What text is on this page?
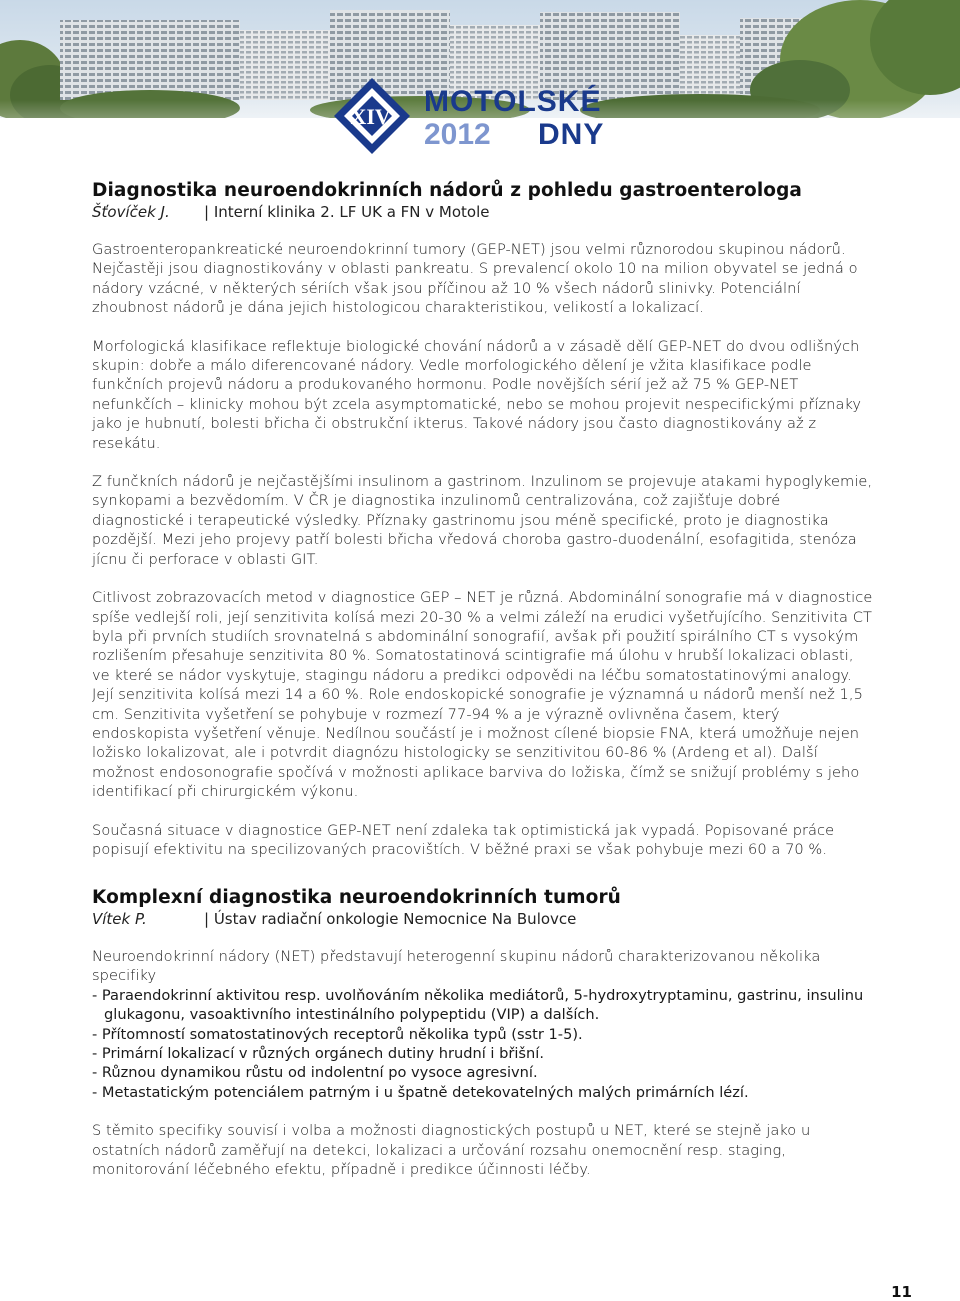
XIV. MOTOLSKÉ
2012 DNY
Diagnostika neuroendokrinních nádorů z pohledu gastroenterologa

Šťovíček J. | Interní klinika 2. LF UK a FN v Motole

Gastroenteropankreatické neuroendokrinní tumory (GEP-NET) jsou velmi různorodou skupinou nádorů. Nejčastěji jsou diagnostikovány v oblasti pankreatu. S prevalencí okolo 10 na milion obyvatel se jedná o nádory vzácné, v některých sériích však jsou příčinou až 10 % všech nádorů slinivky. Potenciální zhoubnost nádorů je dána jejich histologicou charakteristikou, velikostí a lokalizací.

Morfologická klasifikace reflektuje biologické chování nádorů a v zásadě dělí GEP-NET do dvou odlišných skupin: dobře a málo diferencované nádory. Vedle morfologického dělení je vžita klasifikace podle funkčních projevů nádoru a produkovaného hormonu. Podle novějších sérií jež až 75 % GEP-NET nefunkčích – klinicky mohou být zcela asymptomatické, nebo se mohou projevit nespecifickými příznaky jako je hubnutí, bolesti břicha či obstrukční ikterus. Takové nádory jsou často diagnostikovány až z resekátu.

Z funčkních nádorů je nejčastějšími insulinom a gastrinom. Inzulinom se projevuje atakami hypoglykemie, synkopami a bezvědomím. V ČR je diagnostika inzulinomů centralizována, což zajišťuje dobré diagnostické i terapeutické výsledky. Příznaky gastrinomu jsou méně specifické, proto je diagnostika pozdější. Mezi jeho projevy patří bolesti břicha vředová choroba gastro-duodenální, esofagitida, stenóza jícnu či perforace v oblasti GIT.

Citlivost zobrazovacích metod v diagnostice GEP – NET je různá. Abdominální sonografie má v diagnostice spíše vedlejší roli, její senzitivita kolísá mezi 20-30 % a velmi záleží na erudici vyšetřujícího. Senzitivita CT byla při prvních studiích srovnatelná s abdominální sonografií, avšak při použití spirálního CT s vysokým rozlišením přesahuje senzitivita 80 %. Somatostatinová scintigrafie má úlohu v hrubší lokalizaci oblasti, ve které se nádor vyskytuje, stagingu nádoru a predikci odpovědi na léčbu somatostatinovými analogy. Její senzitivita kolísá mezi 14 a 60 %. Role endoskopické sonografie je významná u nádorů menší než 1,5 cm. Senzitivita vyšetření se pohybuje v rozmezí 77-94 % a je výrazně ovlivněna časem, který endoskopista vyšetření věnuje. Nedílnou součástí je i možnost cílené biopsie FNA, která umožňuje nejen ložisko lokalizovat, ale i potvrdit diagnózu histologicky se senzitivitou 60-86 % (Ardeng et al). Další možnost endosonografie spočívá v možnosti aplikace barviva do ložiska, čímž se snižují problémy s jeho identifikací při chirurgickém výkonu.

Současná situace v diagnostice GEP-NET není zdaleka tak optimistická jak vypadá. Popisované práce popisují efektivitu na specilizovaných pracovištích. V běžné praxi se však pohybuje mezi 60 a 70 %.

Komplexní diagnostika neuroendokrinních tumorů

Vítek P.	| Ústav radiační onkologie Nemocnice Na Bulovce

Neuroendokrinní nádory (NET) představují heterogenní skupinu nádorů charakterizovanou několika specifiky

- Paraendokrinní aktivitou resp. uvolňováním několika mediátorů, 5-hydroxytryptaminu, gastrinu, insulinu glukagonu, vasoaktivního intestinálního polypeptidu (VIP) a dalších.
- Přítomností somatostatinových receptorů několika typů (sstr 1-5).
- Primární lokalizací v různých orgánech dutiny hrudní i břišní.
- Různou dynamikou růstu od indolentní po vysoce agresivní.
- Metastatickým potenciálem patrným i u špatně detekovatelných malých primárních lézí.

S těmito specifiky souvisí i volba a možnosti diagnostických postupů u NET, které se stejně jako u ostatních nádorů zaměřují na detekci, lokalizaci a určování rozsahu onemocnění resp. staging, monitorování léčebného efektu, případně i predikce účinnosti léčby.

11
